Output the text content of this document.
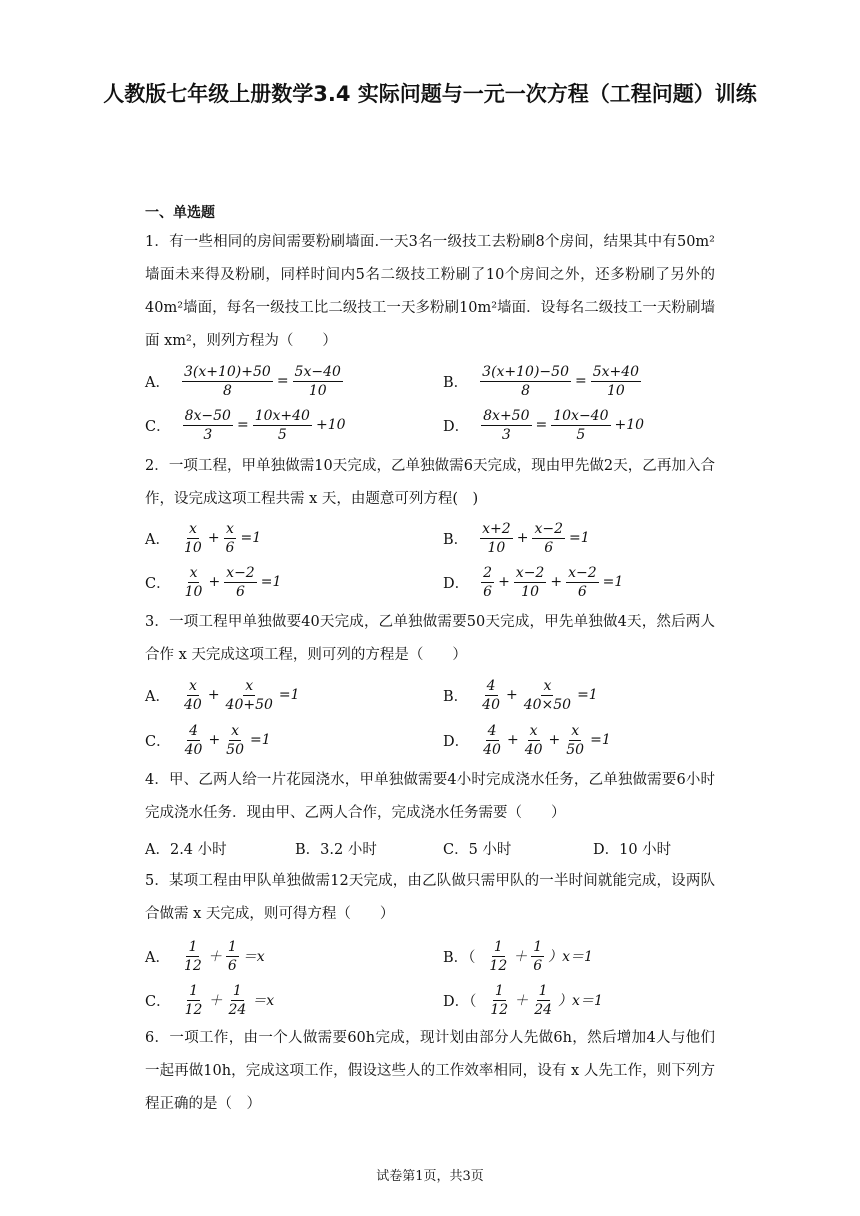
人教版七年级上册数学3.4 实际问题与一元一次方程（工程问题）训练
一、单选题
1．有一些相同的房间需要粉刷墙面.一天3名一级技工去粉刷8个房间，结果其中有50m² 墙面未来得及粉刷，同样时间内5名二级技工粉刷了10个房间之外，还多粉刷了另外的40m²墙面，每名一级技工比二级技工一天多粉刷10m²墙面．设每名二级技工一天粉刷墙面 xm²，则列方程为（　　）
A． $\frac{3(x+10)+50}{8} = \frac{5x-40}{10}$	B． $\frac{3(x+10)-50}{8} = \frac{5x+40}{10}$
C． $\frac{8x-50}{3} = \frac{10x+40}{5} +10$	D． $\frac{8x+50}{3} = \frac{10x-40}{5} +10$
2．一项工程，甲单独做需10天完成，乙单独做需6天完成，现由甲先做2天，乙再加入合作，设完成这项工程共需 x 天，由题意可列方程(　)
A． $\frac{x}{10} + \frac{x}{6} =1$	B． $\frac{x+2}{10} + \frac{x-2}{6} =1$
C． $\frac{x}{10} + \frac{x-2}{6} =1$	D． $\frac{2}{6} + \frac{x-2}{10} + \frac{x-2}{6} =1$
3．一项工程甲单独做要40天完成，乙单独做需要50天完成，甲先单独做4天，然后两人合作 x 天完成这项工程，则可列的方程是（　　）
A． $\frac{x}{40} + \frac{x}{40+50} =1$	B． $\frac{4}{40} + \frac{x}{40\times 50} =1$
C． $\frac{4}{40} + \frac{x}{50} =1$	D． $\frac{4}{40} + \frac{x}{40} + \frac{x}{50} =1$
4．甲、乙两人给一片花园浇水，甲单独做需要4小时完成浇水任务，乙单独做需要6小时完成浇水任务．现由甲、乙两人合作，完成浇水任务需要（　　）
A．2.4 小时	B．3.2 小时	C．5 小时	D．10 小时
5．某项工程由甲队单独做需12天完成，由乙队做只需甲队的一半时间就能完成，设两队合做需 x 天完成，则可得方程（　　）
A． $\frac{1}{12} + \frac{1}{6} =x$	B．（ $\frac{1}{12} + \frac{1}{6} )x=1$
C． $\frac{1}{12} + \frac{1}{24} =x$	D．（ $\frac{1}{12} + \frac{1}{24} )x=1$
6．一项工作，由一个人做需要60h完成，现计划由部分人先做6h，然后增加4人与他们一起再做10h，完成这项工作，假设这些人的工作效率相同，设有 x 人先工作，则下列方程正确的是（　）
试卷第1页，共3页
